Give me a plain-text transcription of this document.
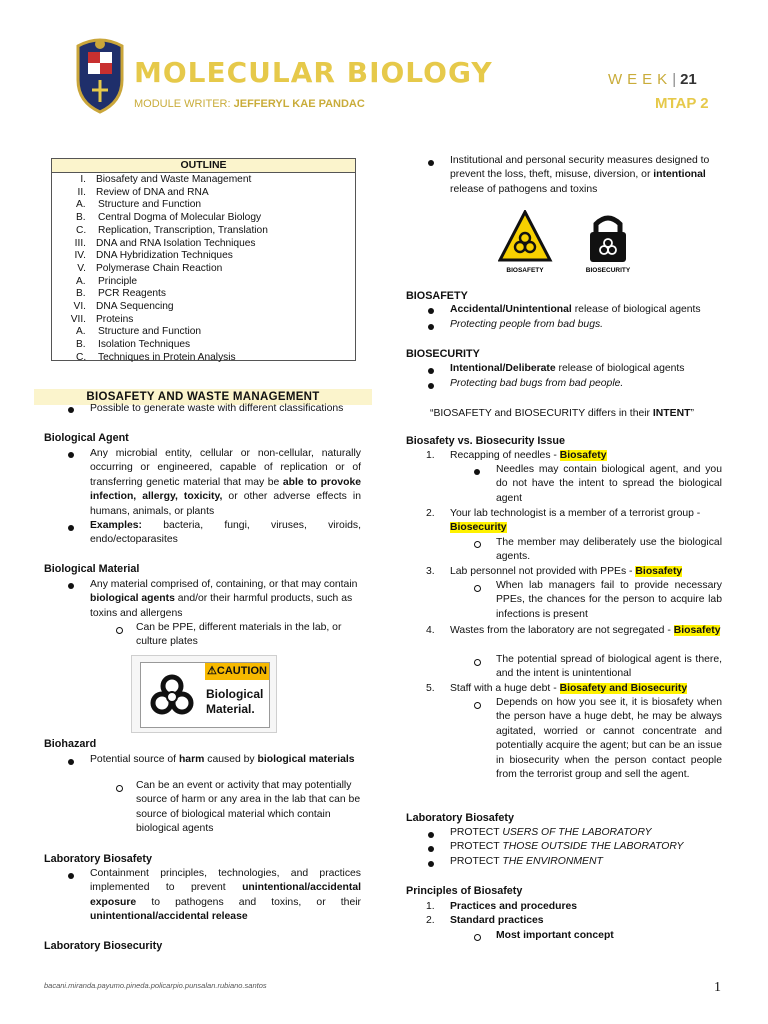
MOLECULAR BIOLOGY
MODULE WRITER: JEFFERYL KAE PANDAC
WEEK| 21
MTAP 2
OUTLINE
I. Biosafety and Waste Management
II. Review of DNA and RNA
A. Structure and Function
B. Central Dogma of Molecular Biology
C. Replication, Transcription, Translation
III. DNA and RNA Isolation Techniques
IV. DNA Hybridization Techniques
V. Polymerase Chain Reaction
A. Principle
B. PCR Reagents
VI. DNA Sequencing
VII. Proteins
A. Structure and Function
B. Isolation Techniques
C. Techniques in Protein Analysis
BIOSAFETY AND WASTE MANAGEMENT
Possible to generate waste with different classifications
Biological Agent
Any microbial entity, cellular or non-cellular, naturally occurring or engineered, capable of replication or of transferring genetic material that may be able to provoke infection, allergy, toxicity, or other adverse effects in humans, animals, or plants
Examples: bacteria, fungi, viruses, viroids, endo/ectoparasites
Biological Material
Any material comprised of, containing, or that may contain biological agents and/or their harmful products, such as toxins and allergens
Can be PPE, different materials in the lab, or culture plates
⚠CAUTION
Biological
Material.
Biohazard
Potential source of harm caused by biological materials
Can be an event or activity that may potentially source of harm or any area in the lab that can be source of biological material which contain biological agents
Laboratory Biosafety
Containment principles, technologies, and practices implemented to prevent unintentional/accidental exposure to pathogens and toxins, or their unintentional/accidental release
Laboratory Biosecurity
Institutional and personal security measures designed to prevent the loss, theft, misuse, diversion, or intentional release of pathogens and toxins
BIOSAFETY	BIOSECURITY
BIOSAFETY
Accidental/Unintentional release of biological agents
Protecting people from bad bugs.
BIOSECURITY
Intentional/Deliberate release of biological agents
Protecting bad bugs from bad people.
“BIOSAFETY and BIOSECURITY differs in their INTENT”
Biosafety vs. Biosecurity Issue
1. Recapping of needles - Biosafety
Needles may contain biological agent, and you do not have the intent to spread the biological agent
2. Your lab technologist is a member of a terrorist group - Biosecurity
The member may deliberately use the biological agents.
3. Lab personnel not provided with PPEs - Biosafety
When lab managers fail to provide necessary PPEs, the chances for the person to acquire lab infections is present
4. Wastes from the laboratory are not segregated - Biosafety
The potential spread of biological agent is there, and the intent is unintentional
5. Staff with a huge debt - Biosafety and Biosecurity
Depends on how you see it, it is biosafety when the person have a huge debt, he may be always agitated, worried or cannot concentrate and potentially acquire the agent; but can be an issue in biosecurity when the person contact people from the terrorist group and sell the agent.
Laboratory Biosafety
PROTECT USERS OF THE LABORATORY
PROTECT THOSE OUTSIDE THE LABORATORY
PROTECT THE ENVIRONMENT
Principles of Biosafety
1. Practices and procedures
2. Standard practices
Most important concept
bacani.miranda.payumo.pineda.policarpio.punsalan.rubiano.santos	1
